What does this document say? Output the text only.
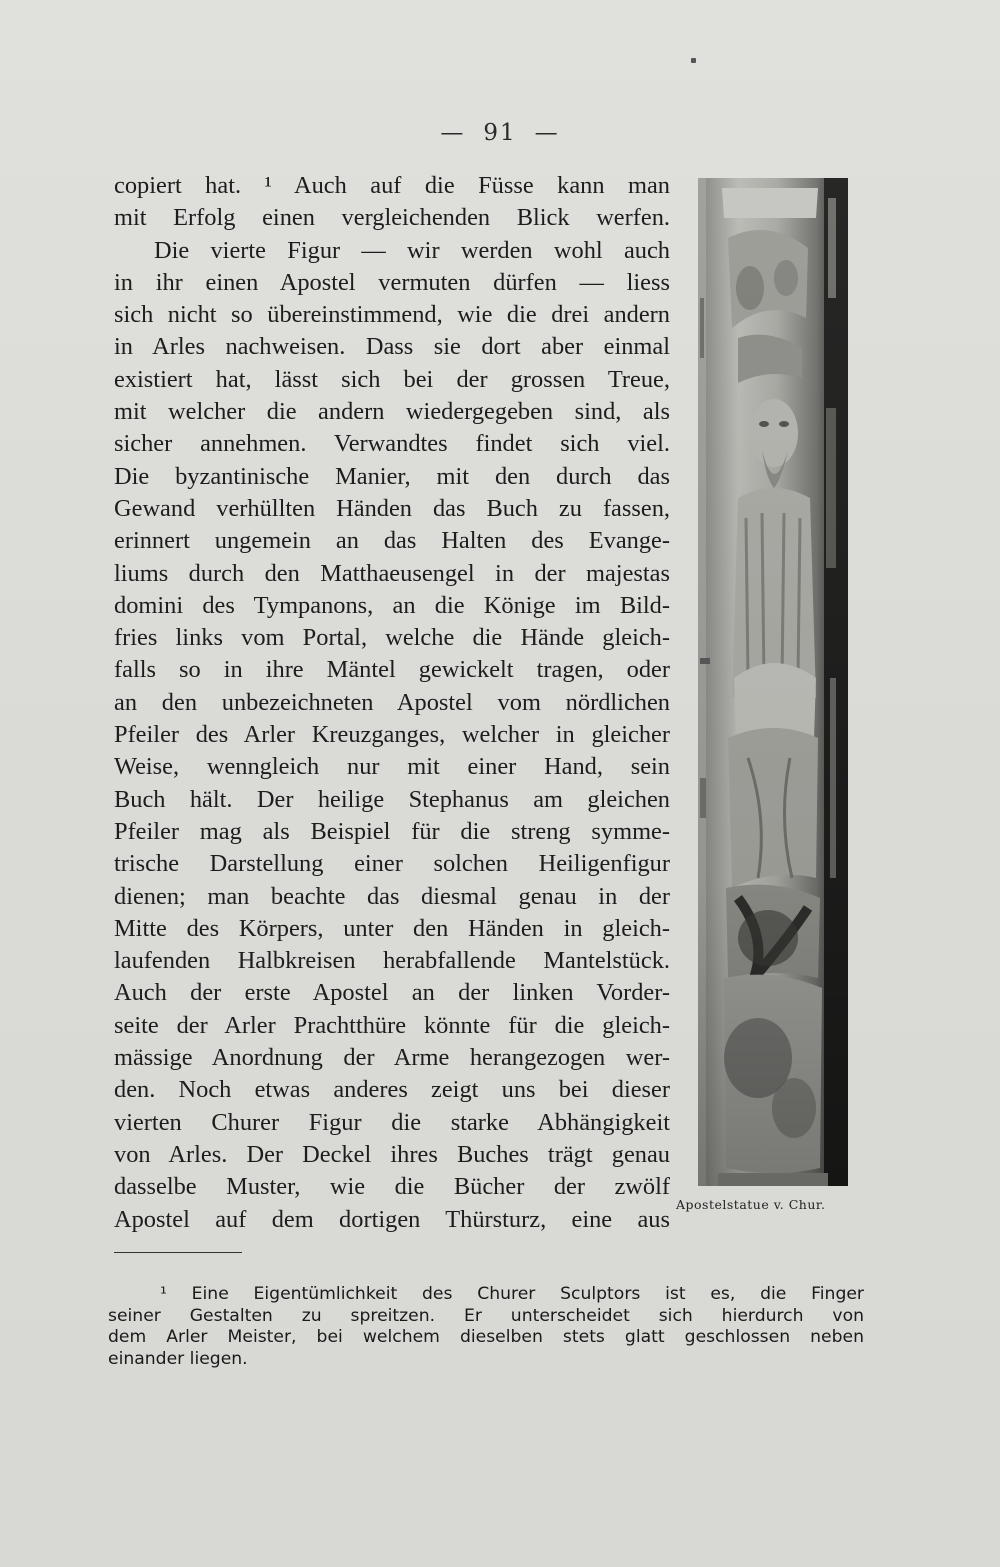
— 91 —
copiert hat. ¹ Auch auf die Füsse kann man
mit Erfolg einen vergleichenden Blick werfen.
Die vierte Figur — wir werden wohl auch
in ihr einen Apostel vermuten dürfen — liess
sich nicht so übereinstimmend, wie die drei andern
in Arles nachweisen. Dass sie dort aber einmal
existiert hat, lässt sich bei der grossen Treue,
mit welcher die andern wiedergegeben sind, als
sicher annehmen. Verwandtes findet sich viel.
Die byzantinische Manier, mit den durch das
Gewand verhüllten Händen das Buch zu fassen,
erinnert ungemein an das Halten des Evange-
liums durch den Matthaeusengel in der majestas
domini des Tympanons, an die Könige im Bild-
fries links vom Portal, welche die Hände gleich-
falls so in ihre Mäntel gewickelt tragen, oder
an den unbezeichneten Apostel vom nördlichen
Pfeiler des Arler Kreuzganges, welcher in gleicher
Weise, wenngleich nur mit einer Hand, sein
Buch hält. Der heilige Stephanus am gleichen
Pfeiler mag als Beispiel für die streng symme-
trische Darstellung einer solchen Heiligenfigur
dienen; man beachte das diesmal genau in der
Mitte des Körpers, unter den Händen in gleich-
laufenden Halbkreisen herabfallende Mantelstück.
Auch der erste Apostel an der linken Vorder-
seite der Arler Prachtthüre könnte für die gleich-
mässige Anordnung der Arme herangezogen wer-
den. Noch etwas anderes zeigt uns bei dieser
vierten Churer Figur die starke Abhängigkeit
von Arles. Der Deckel ihres Buches trägt genau
dasselbe Muster, wie die Bücher der zwölf
Apostel auf dem dortigen Thürsturz, eine aus
Apostelstatue v. Chur.
¹ Eine Eigentümlichkeit des Churer Sculptors ist es, die Finger
seiner Gestalten zu spreitzen. Er unterscheidet sich hierdurch von
dem Arler Meister, bei welchem dieselben stets glatt geschlossen neben
einander liegen.
